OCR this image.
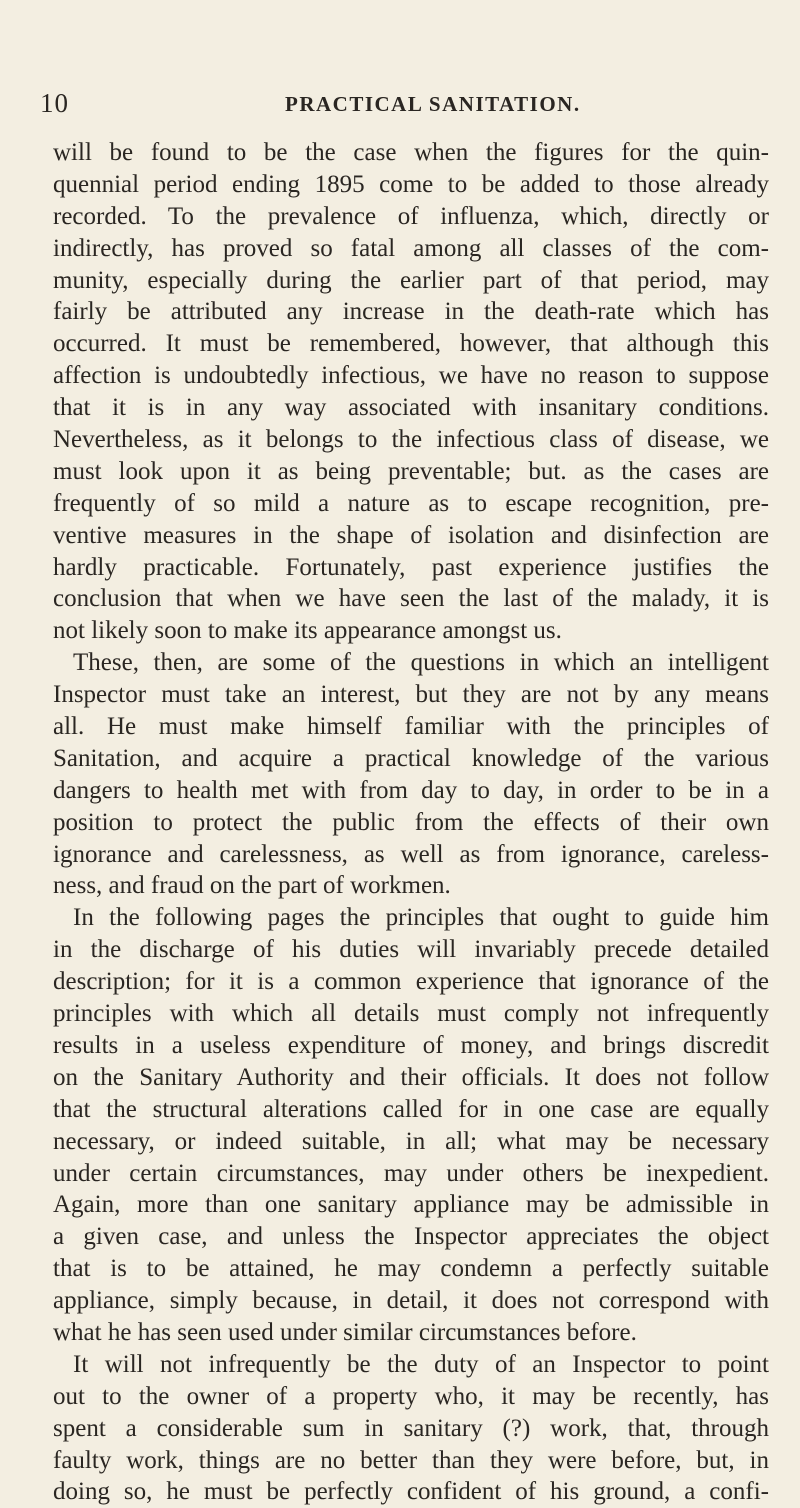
10	PRACTICAL SANITATION.
will be found to be the case when the figures for the quin-
quennial period ending 1895 come to be added to those already
recorded. To the prevalence of influenza, which, directly or
indirectly, has proved so fatal among all classes of the com-
munity, especially during the earlier part of that period, may
fairly be attributed any increase in the death-rate which has
occurred. It must be remembered, however, that although this
affection is undoubtedly infectious, we have no reason to suppose
that it is in any way associated with insanitary conditions.
Nevertheless, as it belongs to the infectious class of disease, we
must look upon it as being preventable; but. as the cases are
frequently of so mild a nature as to escape recognition, pre-
ventive measures in the shape of isolation and disinfection are
hardly practicable. Fortunately, past experience justifies the
conclusion that when we have seen the last of the malady, it is
not likely soon to make its appearance amongst us.
These, then, are some of the questions in which an intelligent
Inspector must take an interest, but they are not by any means
all. He must make himself familiar with the principles of
Sanitation, and acquire a practical knowledge of the various
dangers to health met with from day to day, in order to be in a
position to protect the public from the effects of their own
ignorance and carelessness, as well as from ignorance, careless-
ness, and fraud on the part of workmen.
In the following pages the principles that ought to guide him
in the discharge of his duties will invariably precede detailed
description; for it is a common experience that ignorance of the
principles with which all details must comply not infrequently
results in a useless expenditure of money, and brings discredit
on the Sanitary Authority and their officials. It does not follow
that the structural alterations called for in one case are equally
necessary, or indeed suitable, in all; what may be necessary
under certain circumstances, may under others be inexpedient.
Again, more than one sanitary appliance may be admissible in
a given case, and unless the Inspector appreciates the object
that is to be attained, he may condemn a perfectly suitable
appliance, simply because, in detail, it does not correspond with
what he has seen used under similar circumstances before.
It will not infrequently be the duty of an Inspector to point
out to the owner of a property who, it may be recently, has
spent a considerable sum in sanitary (?) work, that, through
faulty work, things are no better than they were before, but, in
doing so, he must be perfectly confident of his ground, a confi-
